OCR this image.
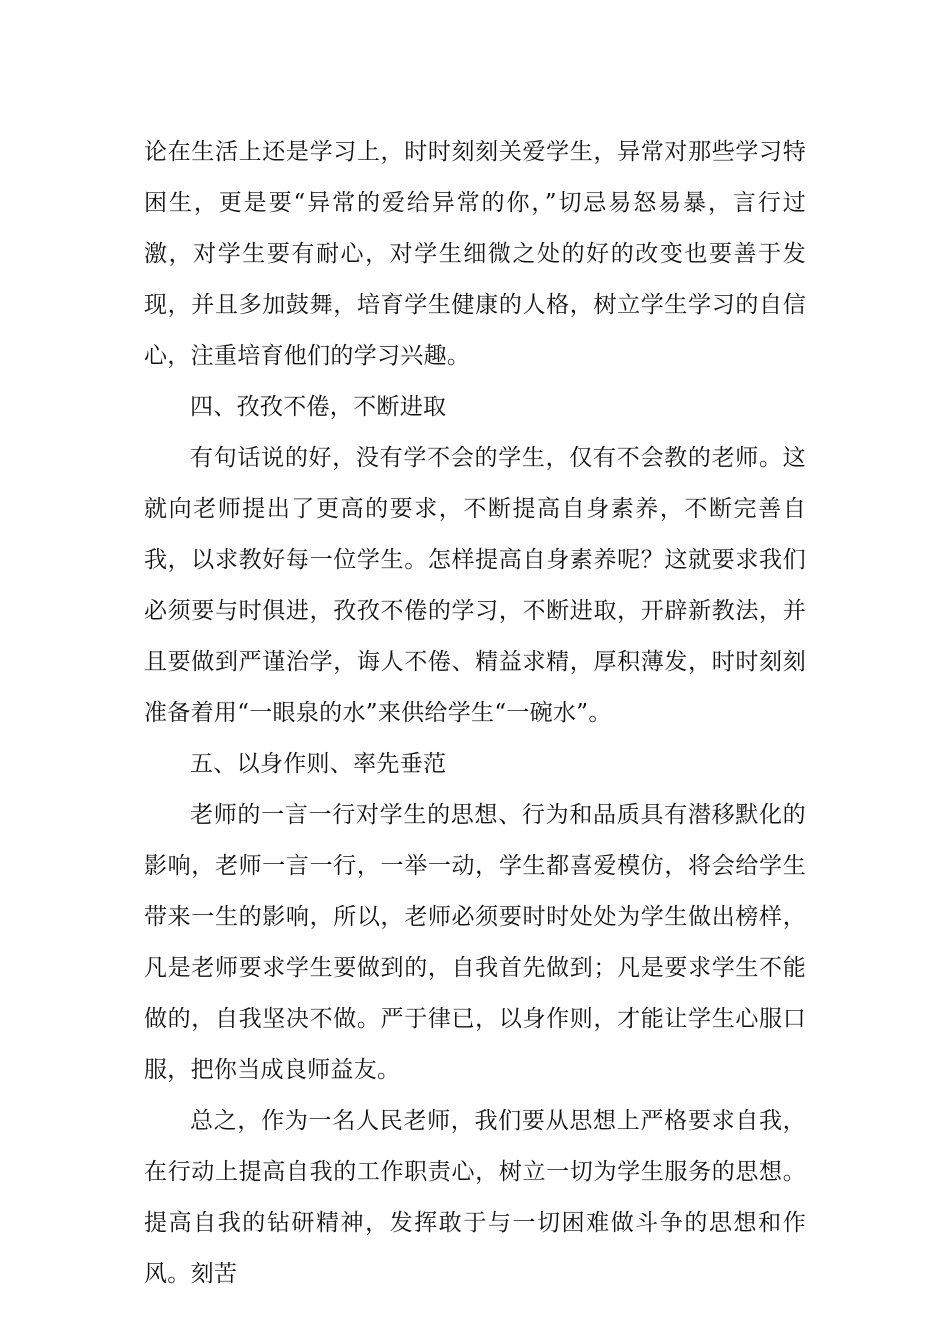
论在生活上还是学习上，时时刻刻关爱学生，异常对那些学习特困生，更是要“异常的爱给异常的你，”切忌易怒易暴，言行过激，对学生要有耐心，对学生细微之处的好的改变也要善于发现，并且多加鼓舞，培育学生健康的人格，树立学生学习的自信心，注重培育他们的学习兴趣。

四、孜孜不倦，不断进取

有句话说的好，没有学不会的学生，仅有不会教的老师。这就向老师提出了更高的要求，不断提高自身素养，不断完善自我，以求教好每一位学生。怎样提高自身素养呢？这就要求我们必须要与时俱进，孜孜不倦的学习，不断进取，开辟新教法，并且要做到严谨治学，诲人不倦、精益求精，厚积薄发，时时刻刻准备着用“一眼泉的水”来供给学生“一碗水”。

五、以身作则、率先垂范

老师的一言一行对学生的思想、行为和品质具有潜移默化的影响，老师一言一行，一举一动，学生都喜爱模仿，将会给学生带来一生的影响，所以，老师必须要时时处处为学生做出榜样，凡是老师要求学生要做到的，自我首先做到；凡是要求学生不能做的，自我坚决不做。严于律已，以身作则，才能让学生心服口服，把你当成良师益友。

总之，作为一名人民老师，我们要从思想上严格要求自我，在行动上提高自我的工作职责心，树立一切为学生服务的思想。提高自我的钻研精神，发挥敢于与一切困难做斗争的思想和作风。刻苦
